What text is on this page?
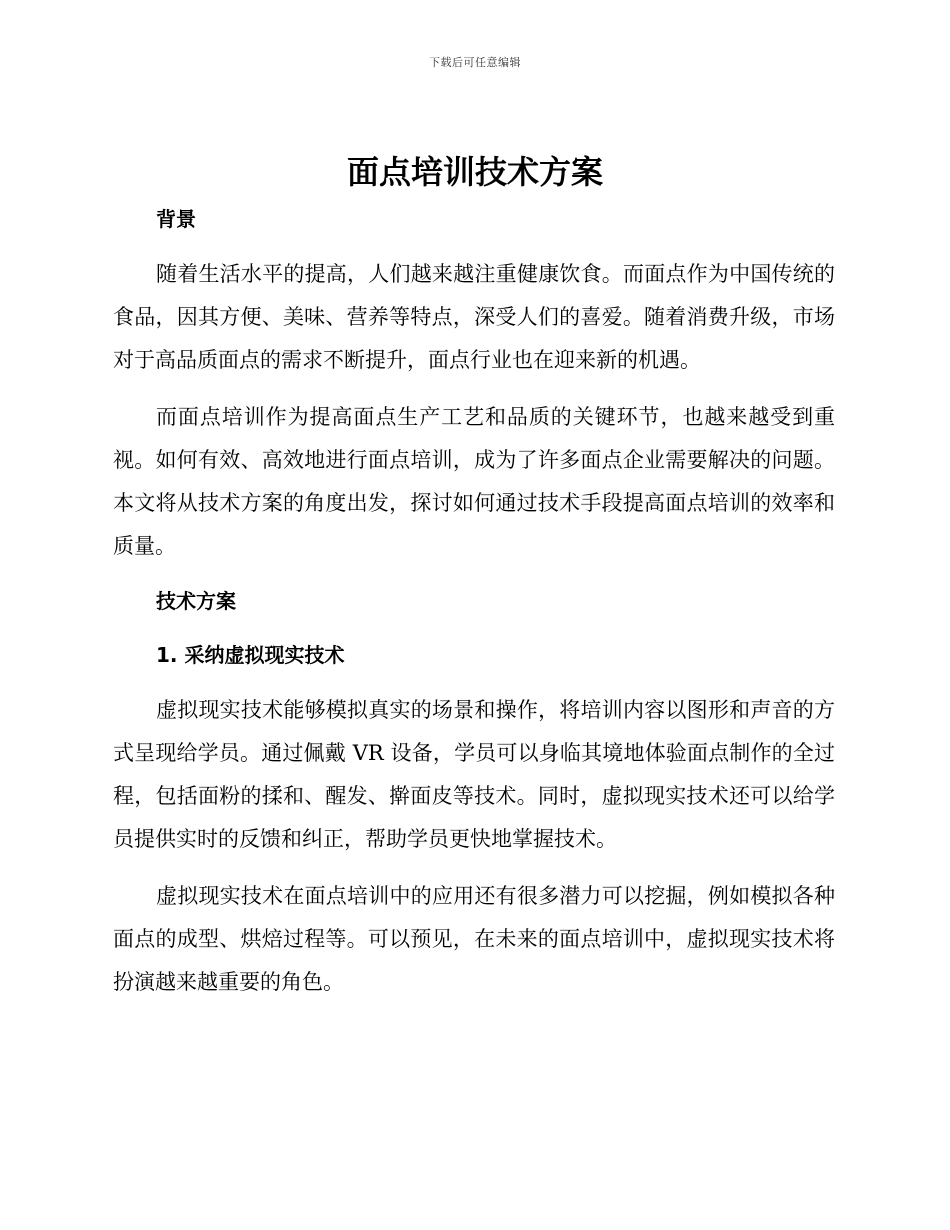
下载后可任意编辑
面点培训技术方案
背景

随着生活水平的提高，人们越来越注重健康饮食。而面点作为中国传统的食品，因其方便、美味、营养等特点，深受人们的喜爱。随着消费升级，市场对于高品质面点的需求不断提升，面点行业也在迎来新的机遇。

而面点培训作为提高面点生产工艺和品质的关键环节，也越来越受到重视。如何有效、高效地进行面点培训，成为了许多面点企业需要解决的问题。本文将从技术方案的角度出发，探讨如何通过技术手段提高面点培训的效率和质量。

技术方案
1. 采纳虚拟现实技术

虚拟现实技术能够模拟真实的场景和操作，将培训内容以图形和声音的方式呈现给学员。通过佩戴 VR 设备，学员可以身临其境地体验面点制作的全过程，包括面粉的揉和、醒发、擀面皮等技术。同时，虚拟现实技术还可以给学员提供实时的反馈和纠正，帮助学员更快地掌握技术。

虚拟现实技术在面点培训中的应用还有很多潜力可以挖掘，例如模拟各种面点的成型、烘焙过程等。可以预见，在未来的面点培训中，虚拟现实技术将扮演越来越重要的角色。
